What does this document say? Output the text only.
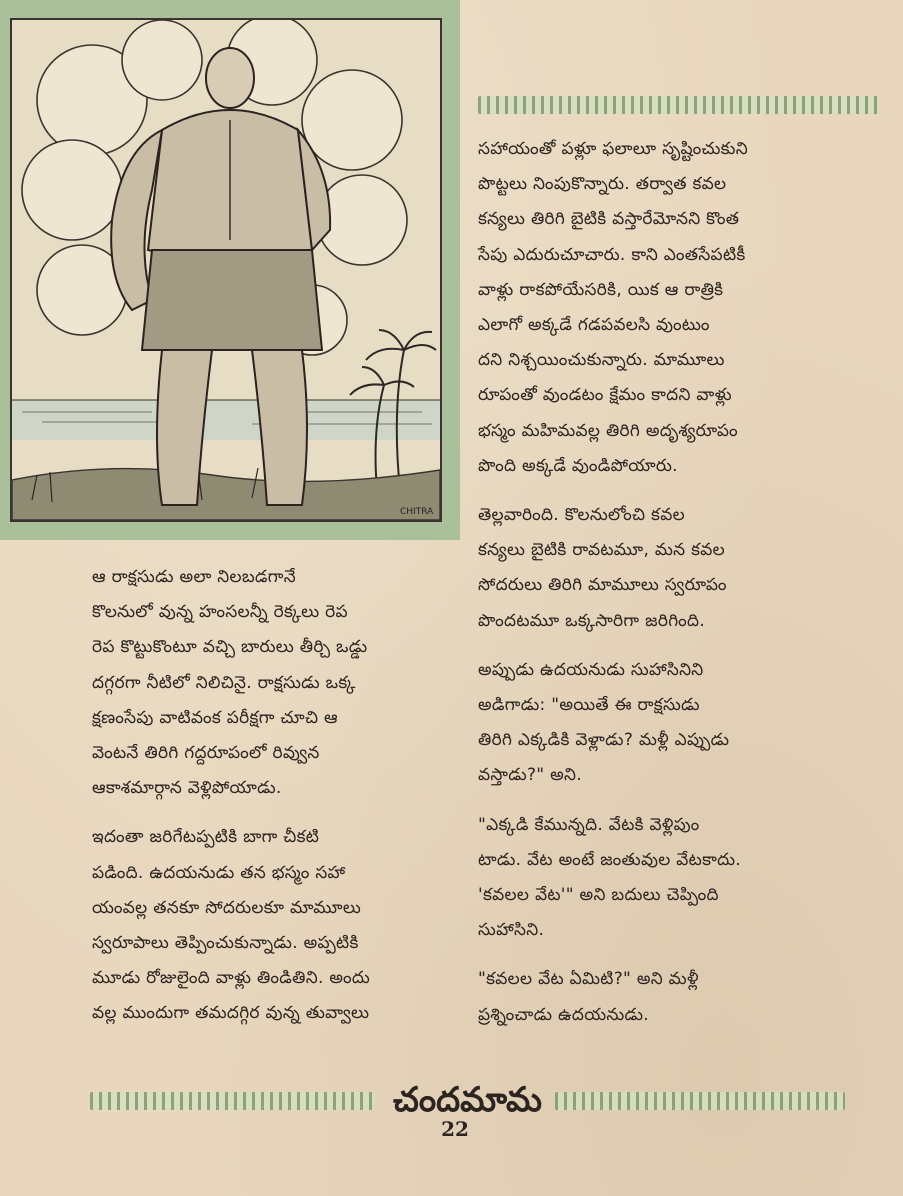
CHITRA

సహాయంతో పళ్లూ ఫలాలూ సృష్టించుకుని
పొట్టలు నింపుకొన్నారు. తర్వాత కవల
కన్యలు తిరిగి బైటికి వస్తారేమోనని కొంత
సేపు ఎదురుచూచారు. కాని ఎంతసేపటికీ
వాళ్లు రాకపోయేసరికి, యిక ఆ రాత్రికి
ఎలాగో అక్కడే గడపవలసి వుంటుం
దని నిశ్చయించుకున్నారు. మామూలు
రూపంతో వుండటం క్షేమం కాదని వాళ్లు
భస్మం మహిమవల్ల తిరిగి అదృశ్యరూపం
పొంది అక్కడే వుండిపోయారు.

తెల్లవారింది. కొలనులోంచి కవల
కన్యలు బైటికి రావటమూ, మన కవల
సోదరులు తిరిగి మామూలు స్వరూపం
పొందటమూ ఒక్కసారిగా జరిగింది.

అప్పుడు ఉదయనుడు సుహాసినిని
అడిగాడు: "అయితే ఈ రాక్షసుడు
తిరిగి ఎక్కడికి వెళ్లాడు? మళ్లీ ఎప్పుడు
వస్తాడు?" అని.

"ఎక్కడి కేమున్నది. వేటకి వెళ్లిపుం
టాడు. వేట అంటే జంతువుల వేటకాదు.
'కవలల వేట'" అని బదులు చెప్పింది
సుహాసిని.

"కవలల వేట ఏమిటి?" అని మళ్లీ
ప్రశ్నించాడు ఉదయనుడు.

ఆ రాక్షసుడు అలా నిలబడగానే
కొలనులో వున్న హంసలన్నీ రెక్కలు రెప
రెప కొట్టుకొంటూ వచ్చి బారులు తీర్చి ఒడ్డు
దగ్గరగా నీటిలో నిలిచినై. రాక్షసుడు ఒక్క
క్షణంసేపు వాటివంక పరీక్షగా చూచి ఆ
వెంటనే తిరిగి గద్దరూపంలో రివ్వున
ఆకాశమార్గాన వెళ్లిపోయాడు.

ఇదంతా జరిగేటప్పటికి బాగా చీకటి
పడింది. ఉదయనుడు తన భస్మం సహా
యంవల్ల తనకూ సోదరులకూ మామూలు
స్వరూపాలు తెప్పించుకున్నాడు. అప్పటికి
మూడు రోజులైంది వాళ్లు తిండితిని. అందు
వల్ల ముందుగా తమదగ్గిర వున్న తువ్వాలు

చందమామ
22
